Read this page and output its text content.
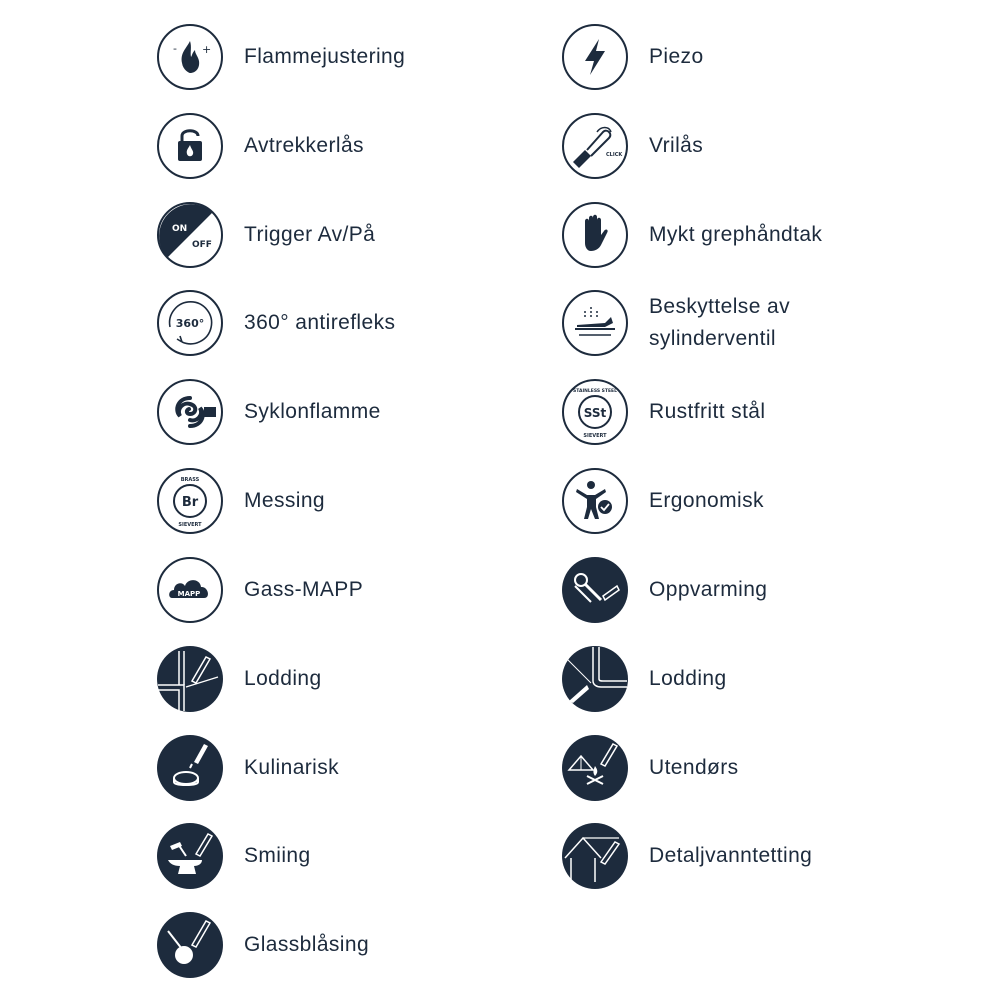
- + Flammejustering
Avtrekkerlås
ON
OFF Trigger Av/På
360° 360° antirefleks
Syklonflamme
Br
BRASS
SIEVERT
Messing
MAPP Gass-MAPP
Lodding
Kulinarisk
Smiing
Glassblåsing
Piezo
CLICK Vrilås
Mykt grephåndtak
Beskyttelse av
sylinderventil
SSt
STAINLESS STEEL
SIEVERT
Rustfritt stål
Ergonomisk
Oppvarming
Lodding
Utendørs
Detaljvanntetting
